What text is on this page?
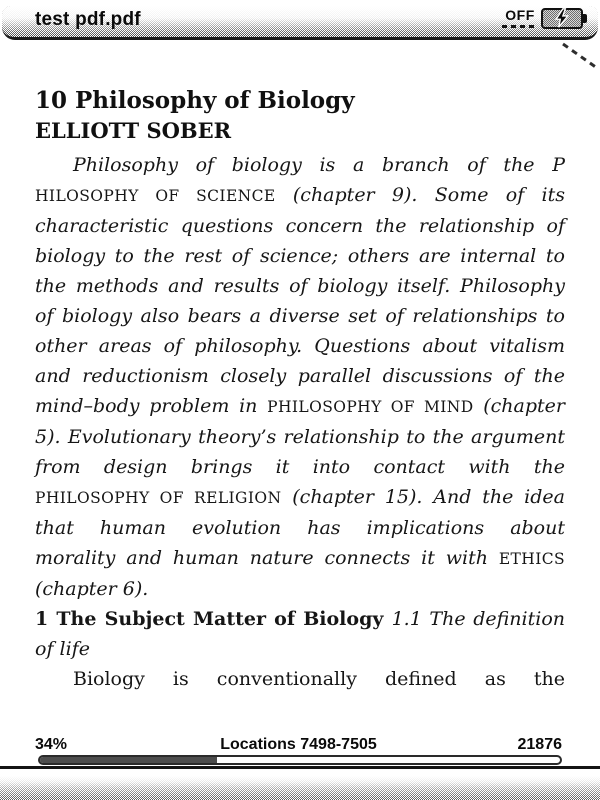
test pdf.pdf	OFF
10 Philosophy of Biology
ELLIOTT SOBER
Philosophy of biology is a branch of the P
HILOSOPHY OF SCIENCE (chapter 9). Some of its
characteristic questions concern the relationship of
biology to the rest of science; others are internal to
the methods and results of biology itself. Philosophy
of biology also bears a diverse set of relationships to
other areas of philosophy. Questions about vitalism
and reductionism closely parallel discussions of the
mind–body problem in PHILOSOPHY OF MIND (chapter
5). Evolutionary theory’s relationship to the argument
from design brings it into contact with the
PHILOSOPHY OF RELIGION (chapter 15). And the idea
that human evolution has implications about
morality and human nature connects it with ETHICS
(chapter 6).
1 The Subject Matter of Biology 1.1 The definition
of life
Biology is conventionally defined as the
34%	Locations 7498-7505	21876
